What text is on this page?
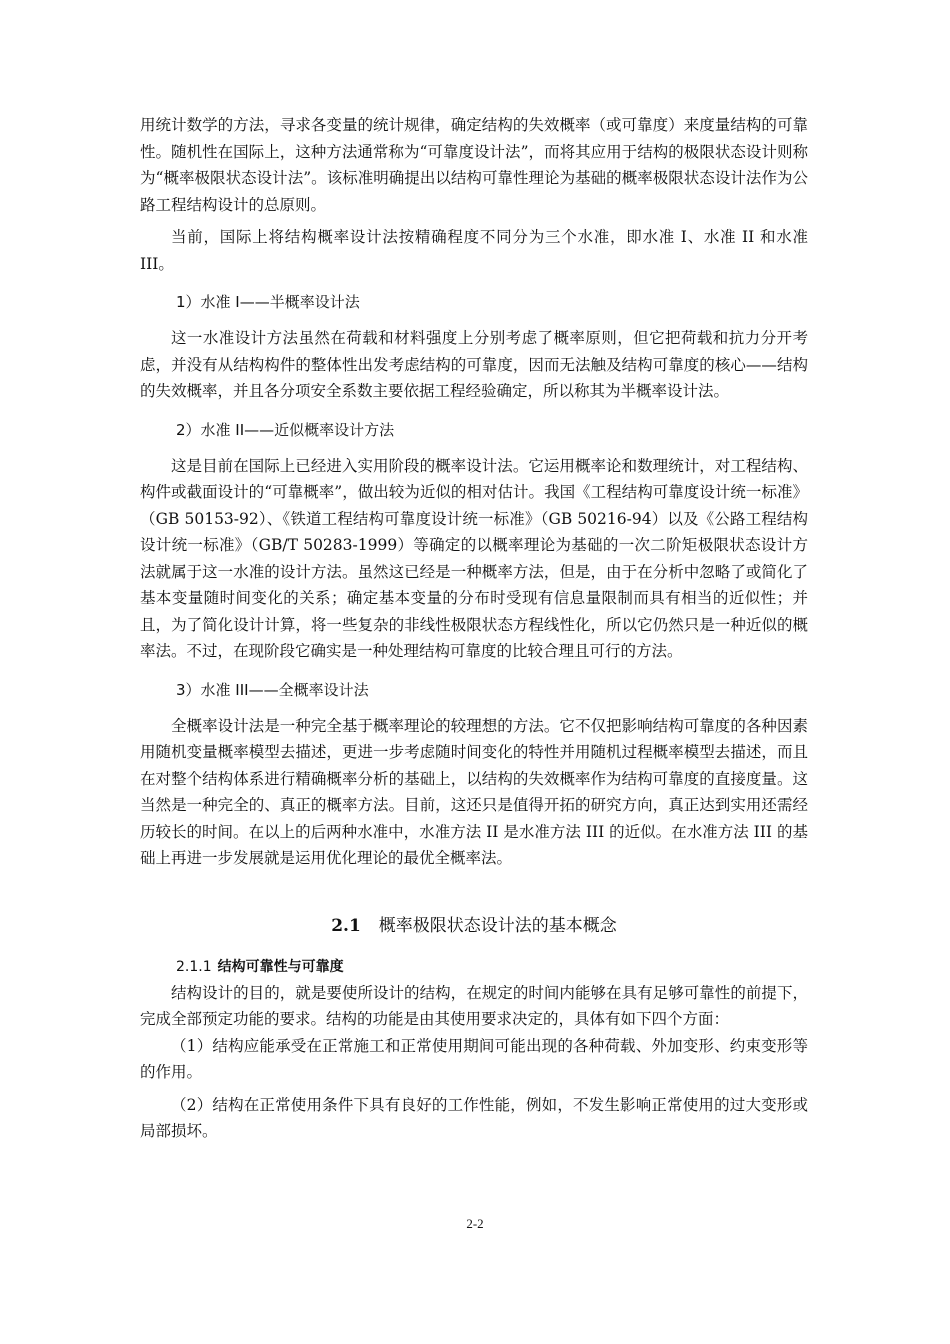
用统计数学的方法，寻求各变量的统计规律，确定结构的失效概率（或可靠度）来度量结构的可靠性。随机性在国际上，这种方法通常称为“可靠度设计法”，而将其应用于结构的极限状态设计则称为“概率极限状态设计法”。该标准明确提出以结构可靠性理论为基础的概率极限状态设计法作为公路工程结构设计的总原则。

当前，国际上将结构概率设计法按精确程度不同分为三个水准，即水准 I、水准 II 和水准 III。

1）水准 I——半概率设计法

这一水准设计方法虽然在荷载和材料强度上分别考虑了概率原则，但它把荷载和抗力分开考虑，并没有从结构构件的整体性出发考虑结构的可靠度，因而无法触及结构可靠度的核心——结构的失效概率，并且各分项安全系数主要依据工程经验确定，所以称其为半概率设计法。

2）水准 II——近似概率设计方法

这是目前在国际上已经进入实用阶段的概率设计法。它运用概率论和数理统计，对工程结构、构件或截面设计的“可靠概率”，做出较为近似的相对估计。我国《工程结构可靠度设计统一标准》（GB 50153-92）、《铁道工程结构可靠度设计统一标准》（GB 50216-94）以及《公路工程结构设计统一标准》（GB/T 50283-1999）等确定的以概率理论为基础的一次二阶矩极限状态设计方法就属于这一水准的设计方法。虽然这已经是一种概率方法，但是，由于在分析中忽略了或简化了基本变量随时间变化的关系；确定基本变量的分布时受现有信息量限制而具有相当的近似性；并且，为了简化设计计算，将一些复杂的非线性极限状态方程线性化，所以它仍然只是一种近似的概率法。不过，在现阶段它确实是一种处理结构可靠度的比较合理且可行的方法。

3）水准 III——全概率设计法

全概率设计法是一种完全基于概率理论的较理想的方法。它不仅把影响结构可靠度的各种因素用随机变量概率模型去描述，更进一步考虑随时间变化的特性并用随机过程概率模型去描述，而且在对整个结构体系进行精确概率分析的基础上，以结构的失效概率作为结构可靠度的直接度量。这当然是一种完全的、真正的概率方法。目前，这还只是值得开拓的研究方向，真正达到实用还需经历较长的时间。在以上的后两种水准中，水准方法 II 是水准方法 III 的近似。在水准方法 III 的基础上再进一步发展就是运用优化理论的最优全概率法。

2.1 概率极限状态设计法的基本概念
2.1.1 结构可靠性与可靠度

结构设计的目的，就是要使所设计的结构，在规定的时间内能够在具有足够可靠性的前提下，完成全部预定功能的要求。结构的功能是由其使用要求决定的，具体有如下四个方面：

（1）结构应能承受在正常施工和正常使用期间可能出现的各种荷载、外加变形、约束变形等的作用。

（2）结构在正常使用条件下具有良好的工作性能，例如，不发生影响正常使用的过大变形或局部损坏。

2-2
